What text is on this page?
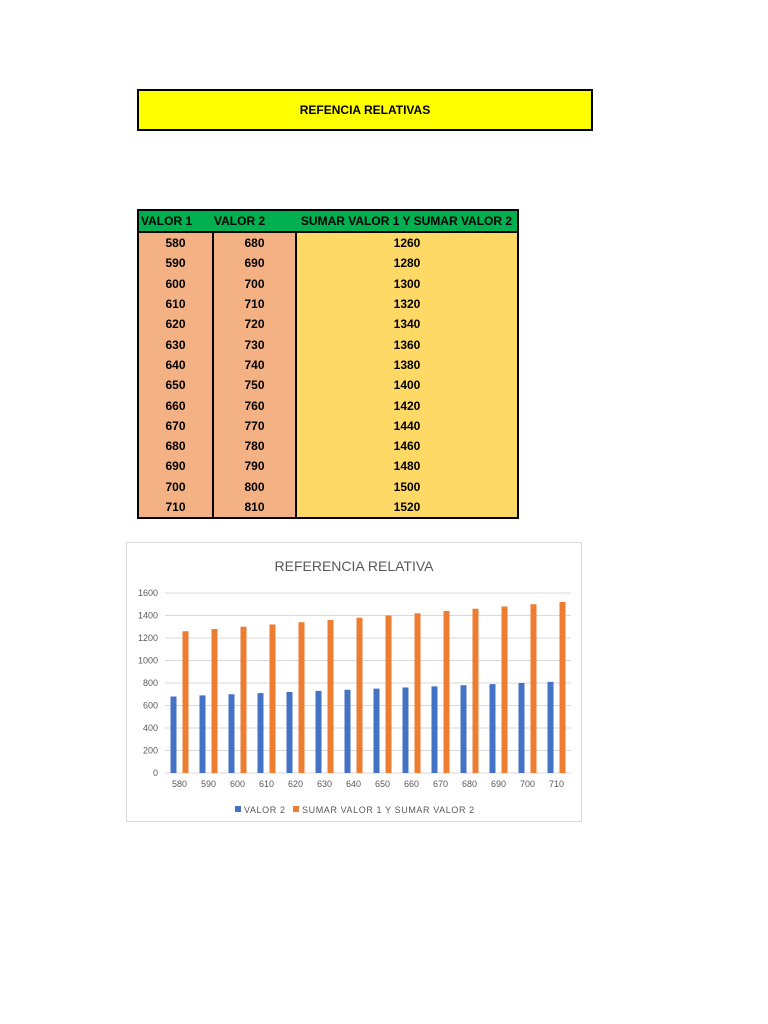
REFENCIA RELATIVAS
VALOR 1	VALOR 2	SUMAR VALOR 1 Y SUMAR VALOR 2
580	680	1260
590	690	1280
600	700	1300
610	710	1320
620	720	1340
630	730	1360
640	740	1380
650	750	1400
660	760	1420
670	770	1440
680	780	1460
690	790	1480
700	800	1500
710	810	1520
REFERENCIA RELATIVA
0
200
400
600
800
1000
1200
1400
1600
580 590 600 610 620 630 640 650 660 670 680 690 700 710
VALOR 2 SUMAR VALOR 1 Y SUMAR VALOR 2
